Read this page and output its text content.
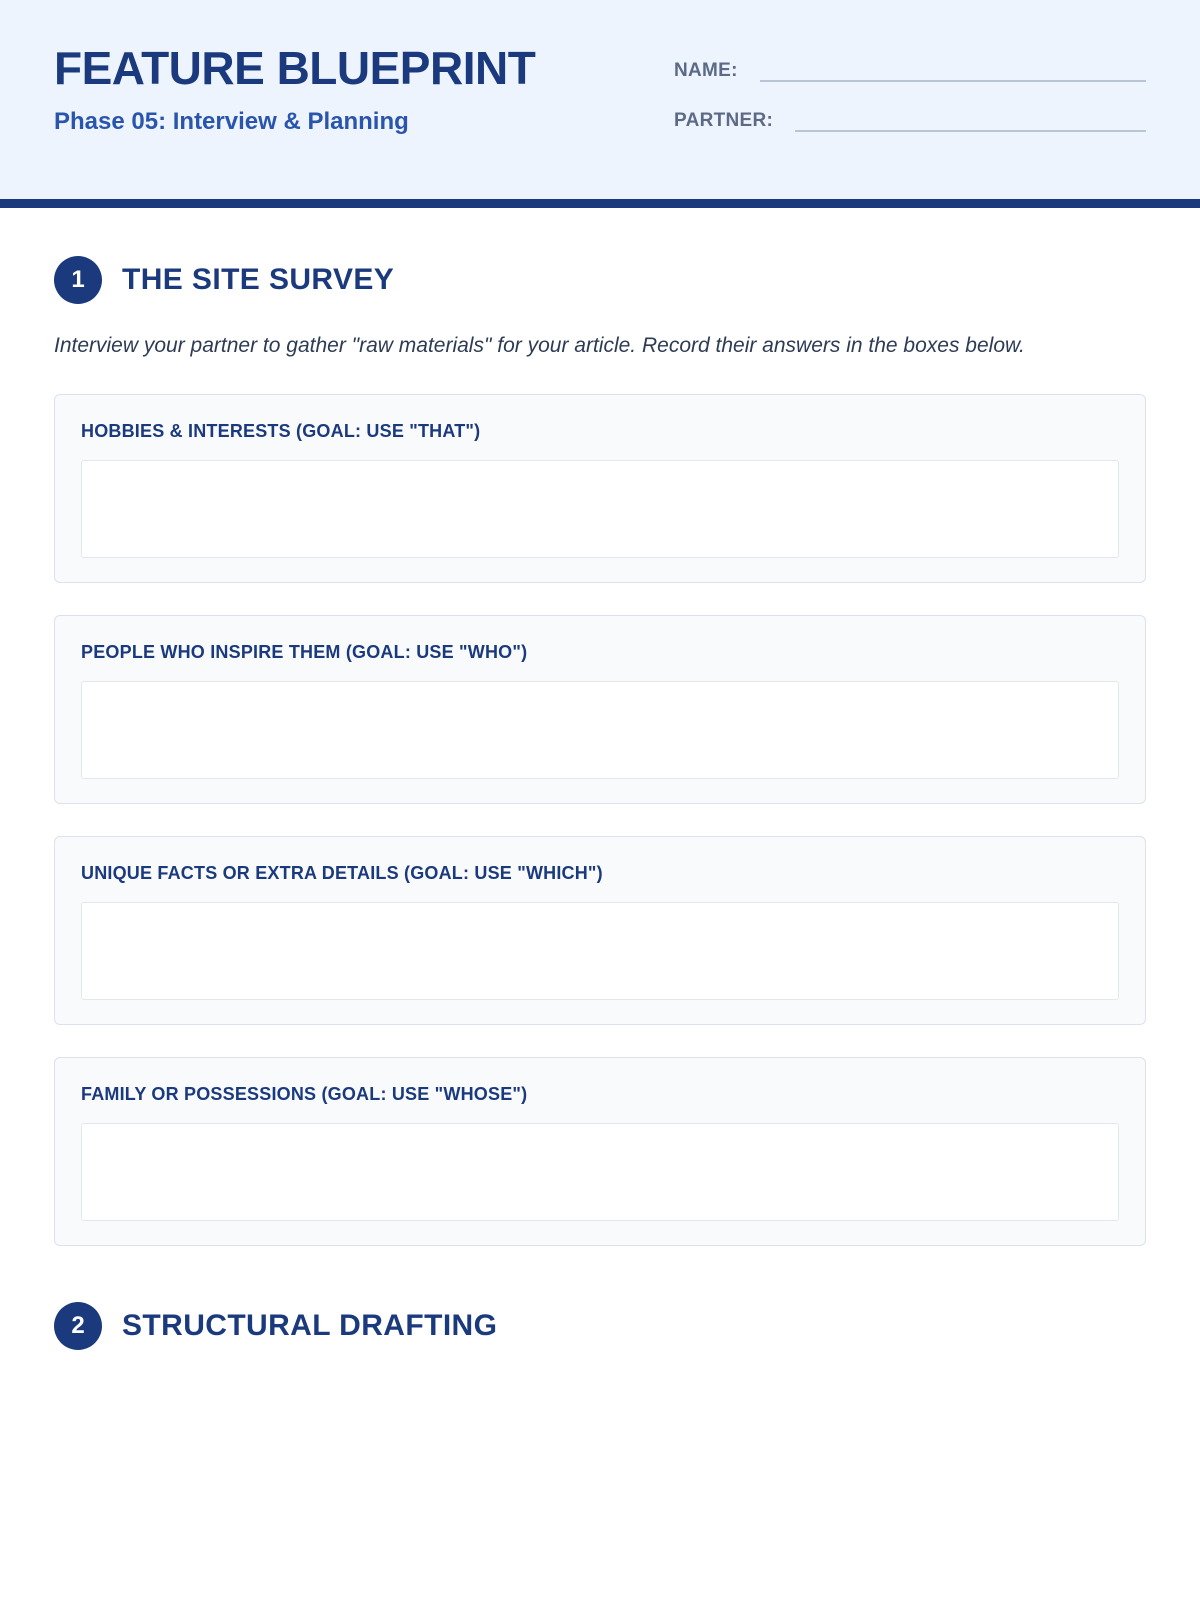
FEATURE BLUEPRINT
Phase 05: Interview & Planning
NAME:
PARTNER:
1	THE SITE SURVEY
Interview your partner to gather "raw materials" for your article. Record their answers in the boxes below.
HOBBIES & INTERESTS (GOAL: USE "THAT")
PEOPLE WHO INSPIRE THEM (GOAL: USE "WHO")
UNIQUE FACTS OR EXTRA DETAILS (GOAL: USE "WHICH")
FAMILY OR POSSESSIONS (GOAL: USE "WHOSE")
2	STRUCTURAL DRAFTING
